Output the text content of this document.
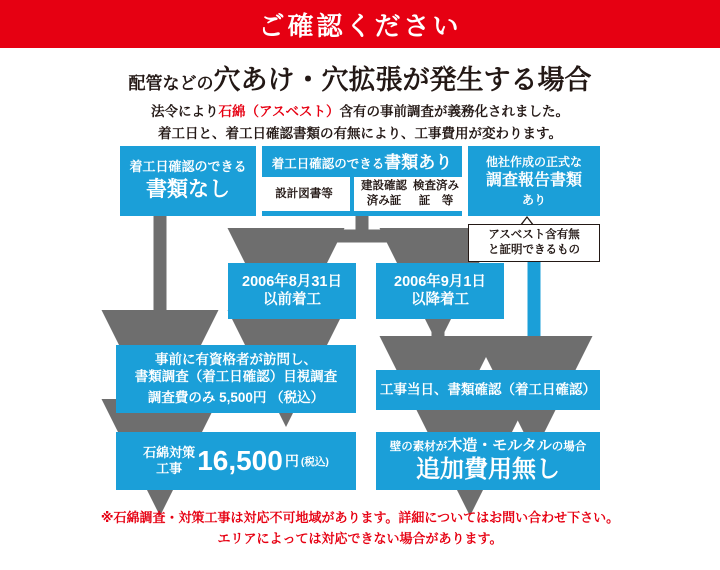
ご確認ください
配管などの穴あけ・穴拡張が発生する場合
法令により石綿（アスベスト）含有の事前調査が義務化されました。
着工日と、着工日確認書類の有無により、工事費用が変わります。
着工日確認のできる
書類なし
着工日確認のできる書類あり
設計図書等
建設確認済み証

検査済み証　等
他社作成の正式な
調査報告書類
あり
アスベスト含有無
と証明できるもの
2006年8月31日
以前着工
2006年9月1日
以降着工
事前に有資格者が訪問し、
書類調査（着工日確認）目視調査
調査費のみ 5,500円 （税込）
工事当日、書類確認（着工日確認）
石綿対策
工事 16,500 円 (税込)
壁の素材が木造・モルタルの場合
追加費用無し
※石綿調査・対策工事は対応不可地域があります。詳細についてはお問い合わせ下さい。
エリアによっては対応できない場合があります。
